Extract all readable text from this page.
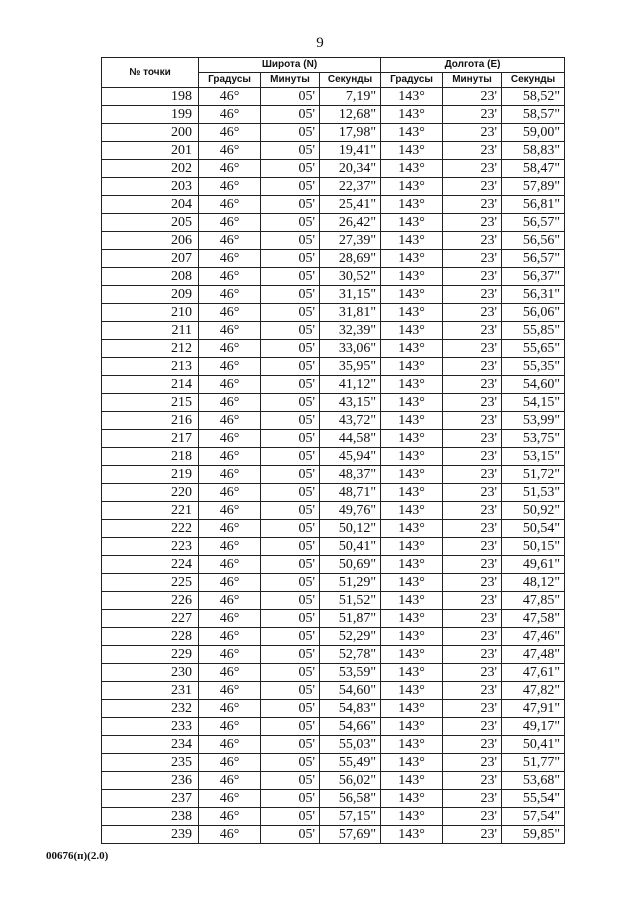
9
№ точки	Широта (N)			Долгота (E)		
	Градусы	Минуты	Секунды	Градусы	Минуты	Секунды
198	46°	05'	7,19"	143°	23'	58,52"
199	46°	05'	12,68"	143°	23'	58,57"
200	46°	05'	17,98"	143°	23'	59,00"
201	46°	05'	19,41"	143°	23'	58,83"
202	46°	05'	20,34"	143°	23'	58,47"
203	46°	05'	22,37"	143°	23'	57,89"
204	46°	05'	25,41"	143°	23'	56,81"
205	46°	05'	26,42"	143°	23'	56,57"
206	46°	05'	27,39"	143°	23'	56,56"
207	46°	05'	28,69"	143°	23'	56,57"
208	46°	05'	30,52"	143°	23'	56,37"
209	46°	05'	31,15"	143°	23'	56,31"
210	46°	05'	31,81"	143°	23'	56,06"
211	46°	05'	32,39"	143°	23'	55,85"
212	46°	05'	33,06"	143°	23'	55,65"
213	46°	05'	35,95"	143°	23'	55,35"
214	46°	05'	41,12"	143°	23'	54,60"
215	46°	05'	43,15"	143°	23'	54,15"
216	46°	05'	43,72"	143°	23'	53,99"
217	46°	05'	44,58"	143°	23'	53,75"
218	46°	05'	45,94"	143°	23'	53,15"
219	46°	05'	48,37"	143°	23'	51,72"
220	46°	05'	48,71"	143°	23'	51,53"
221	46°	05'	49,76"	143°	23'	50,92"
222	46°	05'	50,12"	143°	23'	50,54"
223	46°	05'	50,41"	143°	23'	50,15"
224	46°	05'	50,69"	143°	23'	49,61"
225	46°	05'	51,29"	143°	23'	48,12"
226	46°	05'	51,52"	143°	23'	47,85"
227	46°	05'	51,87"	143°	23'	47,58"
228	46°	05'	52,29"	143°	23'	47,46"
229	46°	05'	52,78"	143°	23'	47,48"
230	46°	05'	53,59"	143°	23'	47,61"
231	46°	05'	54,60"	143°	23'	47,82"
232	46°	05'	54,83"	143°	23'	47,91"
233	46°	05'	54,66"	143°	23'	49,17"
234	46°	05'	55,03"	143°	23'	50,41"
235	46°	05'	55,49"	143°	23'	51,77"
236	46°	05'	56,02"	143°	23'	53,68"
237	46°	05'	56,58"	143°	23'	55,54"
238	46°	05'	57,15"	143°	23'	57,54"
239	46°	05'	57,69"	143°	23'	59,85"
00676(п)(2.0)
